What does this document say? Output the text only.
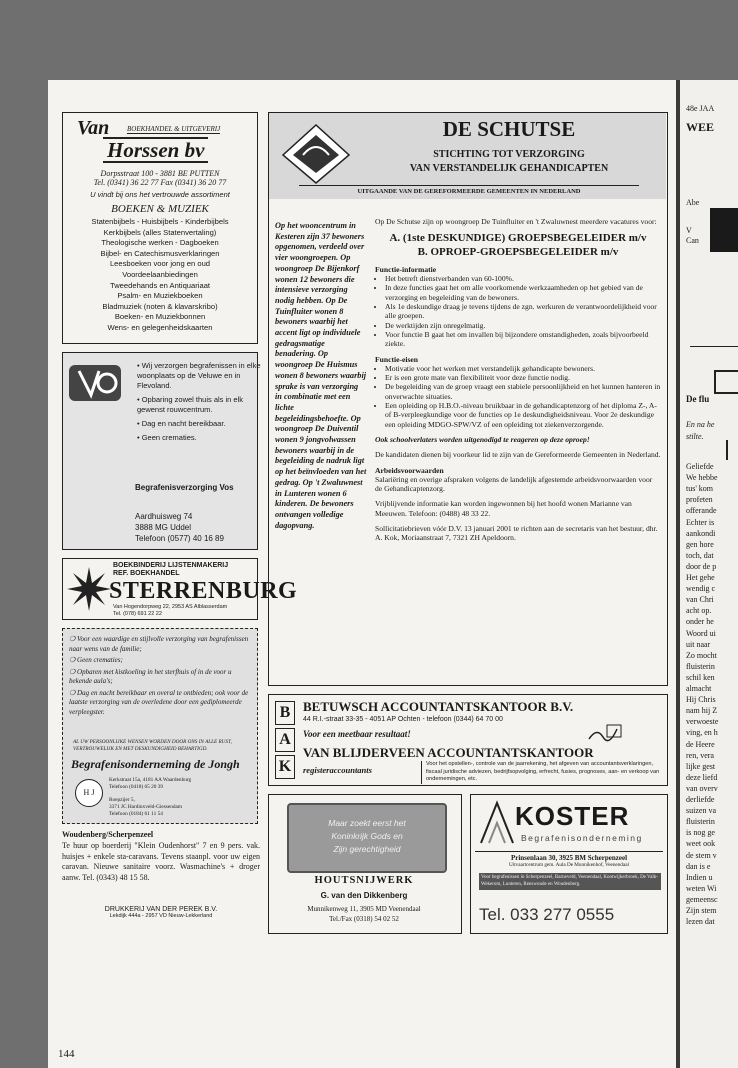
Van	BOEKHANDEL & UITGEVERIJ
Horssen bv
Dorpsstraat 100 - 3881 BE PUTTEN
Tel. (0341) 36 22 77 Fax (0341) 36 20 77
U vindt bij ons het vertrouwde assortiment
BOEKEN & MUZIEK
Statenbijbels - Huisbijbels - Kinderbijbels
Kerkbijbels (alles Statenvertaling)
Theologische werken - Dagboeken
Bijbel- en Catechismusverklaringen
Leesboeken voor jong en oud
Voordeelaanbiedingen
Tweedehands en Antiquariaat
Psalm- en Muziekboeken
Bladmuziek (noten & klavarskribo)
Boeken- en Muziekbonnen
Wens- en gelegenheidskaarten
• Wij verzorgen begrafenissen in elke woonplaats op de Veluwe en in Flevoland.
• Opbaring zowel thuis als in elk gewenst rouwcentrum.
• Dag en nacht bereikbaar.
• Geen crematies.
Begrafenisverzorging Vos
Aardhuisweg 74
3888 MG Uddel
Telefoon (0577) 40 16 89
BOEKBINDERIJ LIJSTENMAKERIJ
REF. BOEKHANDEL
STERRENBURG
Van Hogendorpweg 22, 2953 AS Alblasserdam
Tel. (078) 691 22 22
❍ Voor een waardige en stijlvolle verzorging van begrafenissen naar wens van de familie;
❍ Geen crematies;
❍ Opbaren met kistkoeling in het sterfhuis of in de voor u bekende aula's;
❍ Dag en nacht bereikbaar en overal te ontbieden; ook voor de laatste verzorging van de overledene door een gediplomeerde verpleegster.
AL UW PERSOONLIJKE WENSEN WORDEN DOOR ONS IN ALLE RUST, VERTROUWELIJK EN MET DESKUNDIGHEID BEHARTIGD.
Begrafenisonderneming de Jongh
H J
Kerkstraat 15a, 4181 AA Waardenburg
Telefoon (0418) 65 20 39
Roepzijer 5,
3371 JC Hardinxveld-Giessendam
Telefoon (0184) 61 11 54
Woudenberg/Scherpenzeel
Te huur op boerderij "Klein Oudenhorst" 7 en 9 pers. vak. huisjes + enkele sta-caravans. Tevens staanpl. voor uw eigen caravan. Nieuwe sanitaire voorz. Wasmachine's + droger aanw. Tel. (0343) 48 15 58.
DRUKKERIJ VAN DER PEREK B.V.
Lekdijk 444a - 2957 VD Nieuw-Lekkerland
144
DE SCHUTSE
STICHTING TOT VERZORGING
VAN VERSTANDELIJK GEHANDICAPTEN
UITGAANDE VAN DE GEREFORMEERDE GEMEENTEN IN NEDERLAND
Op het wooncentrum in Kesteren zijn 37 bewoners opgenomen, verdeeld over vier woongroepen. Op woongroep De Bijenkorf wonen 12 bewoners die intensieve verzorging nodig hebben. Op De Tuinfluiter wonen 8 bewoners waarbij het accent ligt op individuele gedragsmatige benadering. Op woongroep De Huismus wonen 8 bewoners waarbij sprake is van verzorging in combinatie met een lichte begeleidingsbehoefte. Op woongroep De Duiventil wonen 9 jongvolwassen bewoners waarbij in de begeleiding de nadruk ligt op het beïnvloeden van het gedrag. Op 't Zwaluwnest in Lunteren wonen 6 kinderen. De bewoners ontvangen volledige dagopvang.
Op De Schutse zijn op woongroep De Tuinfluiter en 't Zwaluwnest meerdere vacatures voor:
A. (1ste DESKUNDIGE) GROEPSBEGELEIDER m/v
B. OPROEP-GROEPSBEGELEIDER m/v
Functie-informatie
• Het betreft dienstverbanden van 60-100%.
• In deze functies gaat het om alle voorkomende werkzaamheden op het gebied van de verzorging en begeleiding van de bewoners.
• Als 1e deskundige draag je tevens tijdens de zgn. werkuren de verantwoordelijkheid voor alle groepen.
• De werktijden zijn onregelmatig.
• Voor functie B gaat het om invallen bij bijzondere omstandigheden, zoals bijvoorbeeld ziekte.
Functie-eisen
• Motivatie voor het werken met verstandelijk gehandicapte bewoners.
• Er is een grote mate van flexibiliteit voor deze functie nodig.
• De begeleiding van de groep vraagt een stabiele persoonlijkheid en het kunnen hanteren in onverwachte situaties.
• Een opleiding op H.B.O.-niveau bruikbaar in de gehandicaptenzorg of het diploma Z-, A- of B-verpleegkundige voor de functies op 1e deskundigheidsniveau. Voor 2e deskundige een opleiding MDGO-SPW/VZ of een opleiding tot ziekenverzorgende.
Ook schoolverlaters worden uitgenodigd te reageren op deze oproep!
De kandidaten dienen bij voorkeur lid te zijn van de Gereformeerde Gemeenten in Nederland.
Arbeidsvoorwaarden
Salariëring en overige afspraken volgens de landelijk afgestemde arbeidsvoorwaarden voor de Gehandicaptenzorg.
Vrijblijvende informatie kan worden ingewonnen bij het hoofd wonen Marianne van Meeuwen. Telefoon: (0488) 48 33 22.
Sollicitatiebrieven vóór D.V. 13 januari 2001 te richten aan de secretaris van het bestuur, dhr. A. Kok, Moriaanstraat 7, 7321 ZH Apeldoorn.
B
A
K
BETUWSCH ACCOUNTANTSKANTOOR B.V.
44 R.I.-straat 33-35 - 4051 AP Ochten - telefoon (0344) 64 70 00
Voor een meetbaar resultaat!
VAN BLIJDERVEEN ACCOUNTANTSKANTOOR
registeraccountants
Voor het opstellen-, controle van de jaarrekening, het afgeven van accountantsverklaringen, fiscaal juridische adviezen, bedrijfsopvolging, erfrecht, fusies, prognoses, aan- en verkoop van ondernemingen, etc.
Maar zoekt eerst het
Koninkrijk Gods en
Zijn gerechtigheid
HOUTSNIJWERK
G. van den Dikkenberg
Munnikenweg 11, 3905 MD Veenendaal
Tel./Fax (0318) 54 02 52
KOSTER
Begrafenisonderneming
Prinsenlaan 30, 3925 BM Scherpenzeel
Uitvaartcentrum gem. Aula De Munnikenhof, Veenendaal
Voor begrafenissen in Scherpenzeel, Barneveld, Veenendaal, Kootwijkerbroek, De Valk-Wekerom, Lunteren, Renswoude en Woudenberg.
Tel. 033 277 0555
48e JAA
WEE
Abe
V
Can
De flu
En na he
stilte.
Geliefde
We hebbe
tus' kom
profeten
offerande
Echter is
aankondi
gen hore
toch, dat
door de p
Het gehe
wendig c
van Chri
acht op.
onder he
Woord ui
uit naar
Zo mocht
fluisterin
schil ken
almacht
Hij Chris
nam hij Z
verwoeste
ving, en h
de Heere
ren, vera
lijke gest
deze liefd
van overv
derliefde
suizen va
fluisterin
is nog ge
weet ook
de stem v
dan is e
Indien u
weten Wi
gemeensc
Zijn stem
lezen dat
